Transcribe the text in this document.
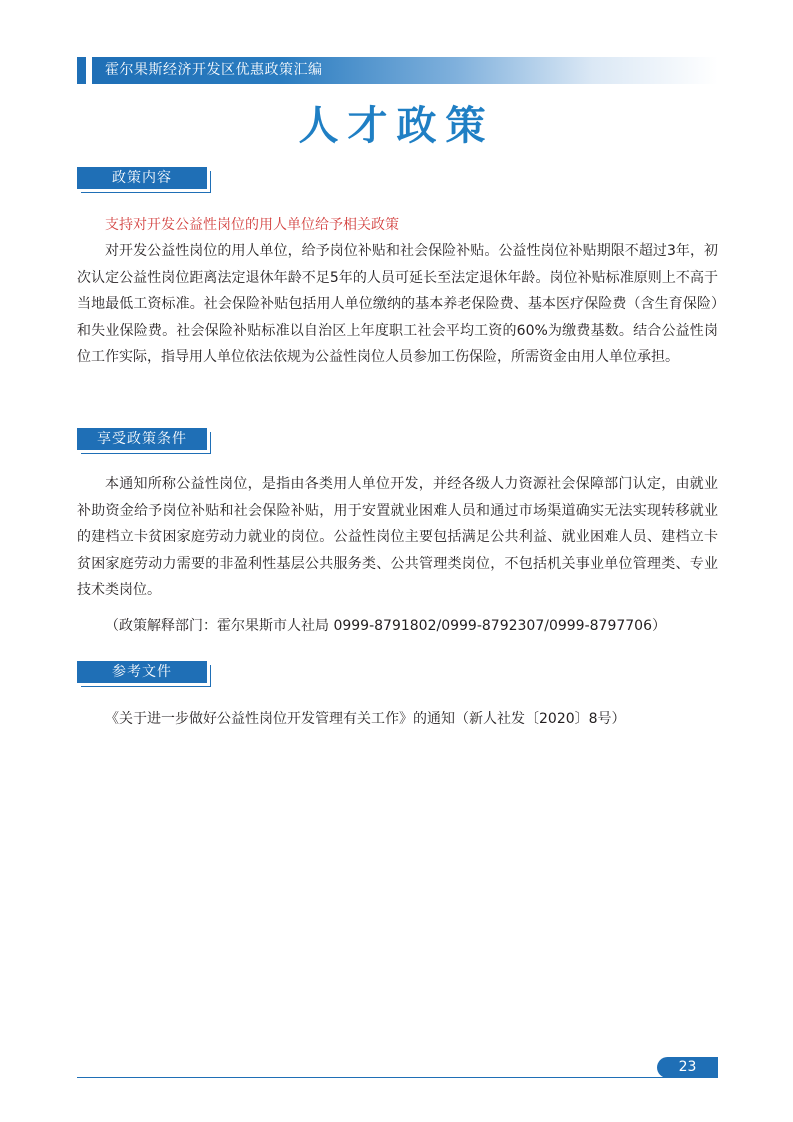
霍尔果斯经济开发区优惠政策汇编
人才政策
政策内容
支持对开发公益性岗位的用人单位给予相关政策

对开发公益性岗位的用人单位，给予岗位补贴和社会保险补贴。公益性岗位补贴期限不超过3年，初次认定公益性岗位距离法定退休年龄不足5年的人员可延长至法定退休年龄。岗位补贴标准原则上不高于当地最低工资标准。社会保险补贴包括用人单位缴纳的基本养老保险费、基本医疗保险费（含生育保险）和失业保险费。社会保险补贴标准以自治区上年度职工社会平均工资的60%为缴费基数。结合公益性岗位工作实际，指导用人单位依法依规为公益性岗位人员参加工伤保险，所需资金由用人单位承担。

享受政策条件

本通知所称公益性岗位，是指由各类用人单位开发，并经各级人力资源社会保障部门认定，由就业补助资金给予岗位补贴和社会保险补贴，用于安置就业困难人员和通过市场渠道确实无法实现转移就业的建档立卡贫困家庭劳动力就业的岗位。公益性岗位主要包括满足公共利益、就业困难人员、建档立卡贫困家庭劳动力需要的非盈利性基层公共服务类、公共管理类岗位，不包括机关事业单位管理类、专业技术类岗位。

（政策解释部门：霍尔果斯市人社局 0999-8791802/0999-8792307/0999-8797706）
参考文件
《关于进一步做好公益性岗位开发管理有关工作》的通知（新人社发〔2020〕8号）
23
